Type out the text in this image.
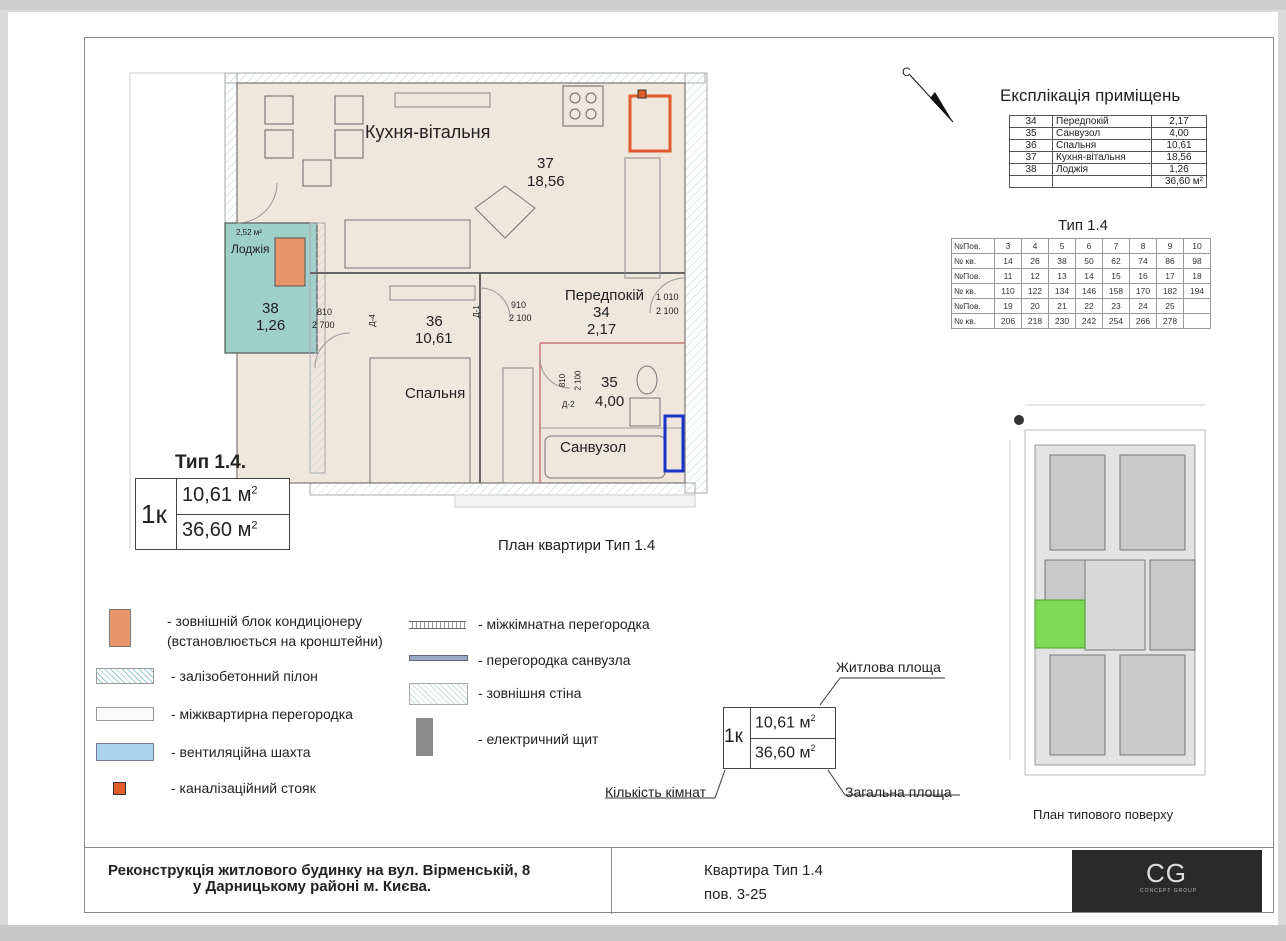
Кухня-вітальня
37
18,56
Передпокій
34
2,17
36
10,61
Спальня
35
4,00
Санвузол
2,52 м²
Лоджія
38
1,26
810
2 700	Д-4
Д-1
910
2 100
1 010
2 100
810 2 100
Д-2
Тип 1.4.
1к
10,61 $м^2$
36,60 $м^2$
План квартири Тип 1.4
С
Експлікація приміщень
34	Передпокій	2,17
35	Санвузол	4,00
36	Спальня	10,61
37	Кухня-вітальня	18,56
38	Лоджія	1,26
		36,60 м²
Тип 1.4
№Пов.	3	4	5	6	7	8	9	10
№ кв.	14	26	38	50	62	74	86	98
№Пов.	11	12	13	14	15	16	17	18
№ кв.	110	122	134	146	158	170	182	194
№Пов.	19	20	21	22	23	24	25	
№ кв.	206	218	230	242	254	266	278	
План типового поверху
- зовнішній блок кондиціонеру
(встановлюється на кронштейни)
- залізобетонний пілон
- міжквартирна перегородка
- вентиляційна шахта
- каналізаційний стояк
- міжкімнатна перегородка
- перегородка санвузла
- зовнішня стіна
- електричний щит
Житлова площа
Кількість кімнат	Загальна площа
1к
10,61 $м^2$
36,60 $м^2$
Реконструкція житлового будинку на вул. Вірменській, 8
у Дарницькому районі м. Києва.
Квартира Тип 1.4
пов. 3-25
CG
CONCEPT GROUP
